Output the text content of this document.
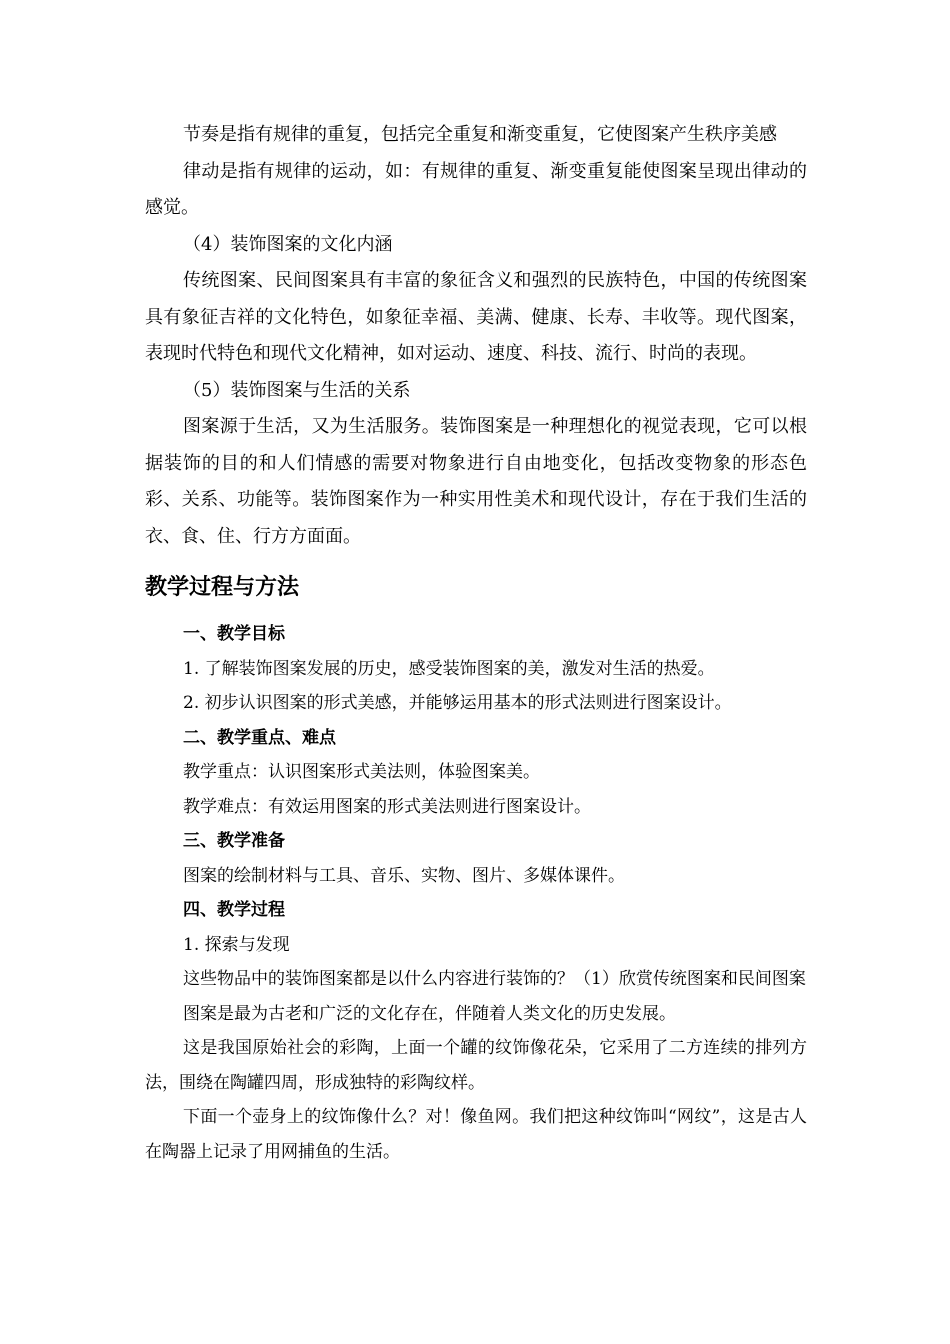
节奏是指有规律的重复，包括完全重复和渐变重复，它使图案产生秩序美感

律动是指有规律的运动，如：有规律的重复、渐变重复能使图案呈现出律动的感觉。

（4）装饰图案的文化内涵

传统图案、民间图案具有丰富的象征含义和强烈的民族特色，中国的传统图案具有象征吉祥的文化特色，如象征幸福、美满、健康、长寿、丰收等。现代图案，表现时代特色和现代文化精神，如对运动、速度、科技、流行、时尚的表现。

（5）装饰图案与生活的关系

图案源于生活，又为生活服务。装饰图案是一种理想化的视觉表现，它可以根据装饰的目的和人们情感的需要对物象进行自由地变化，包括改变物象的形态色彩、关系、功能等。装饰图案作为一种实用性美术和现代设计，存在于我们生活的衣、食、住、行方方面面。

教学过程与方法

一、教学目标

1. 了解装饰图案发展的历史，感受装饰图案的美，激发对生活的热爱。

2. 初步认识图案的形式美感，并能够运用基本的形式法则进行图案设计。

二、教学重点、难点

教学重点：认识图案形式美法则，体验图案美。

教学难点：有效运用图案的形式美法则进行图案设计。

三、教学准备

图案的绘制材料与工具、音乐、实物、图片、多媒体课件。

四、教学过程

1. 探索与发现

这些物品中的装饰图案都是以什么内容进行装饰的？（1）欣赏传统图案和民间图案

图案是最为古老和广泛的文化存在，伴随着人类文化的历史发展。

这是我国原始社会的彩陶，上面一个罐的纹饰像花朵，它采用了二方连续的排列方法，围绕在陶罐四周，形成独特的彩陶纹样。

下面一个壶身上的纹饰像什么？对！像鱼网。我们把这种纹饰叫“网纹”，这是古人在陶器上记录了用网捕鱼的生活。
